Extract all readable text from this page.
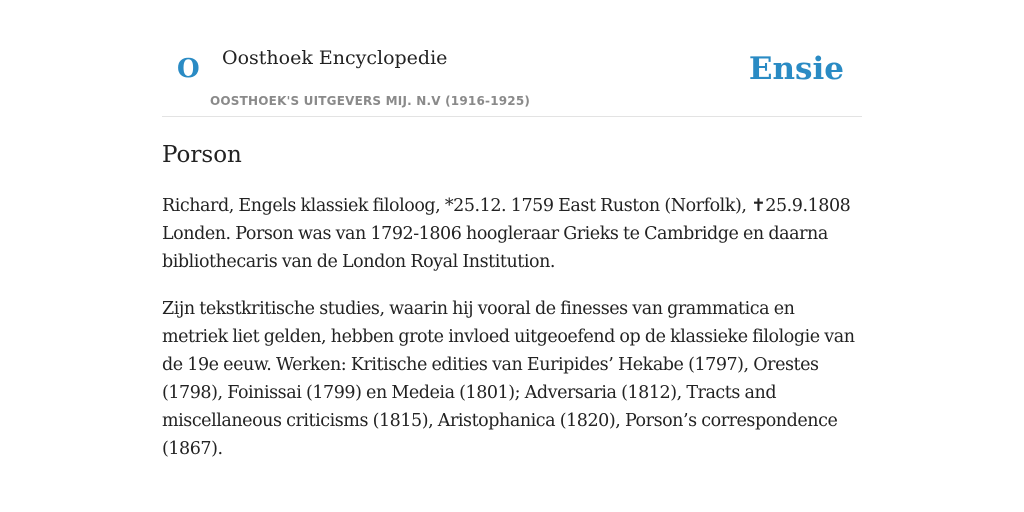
O Oosthoek Encyclopedie
OOSTHOEK'S UITGEVERS MIJ. N.V (1916-1925)
Ensie
Porson

Richard, Engels klassiek filoloog, *25.12. 1759 East Ruston (Norfolk), ✝25.9.1808 Londen. Porson was van 1792-1806 hoogleraar Grieks te Cambridge en daarna bibliothecaris van de London Royal Institution.

Zijn tekstkritische studies, waarin hij vooral de finesses van grammatica en metriek liet gelden, hebben grote invloed uitgeoefend op de klassieke filologie van de 19e eeuw. Werken: Kritische edities van Euripides’ Hekabe (1797), Orestes (1798), Foinissai (1799) en Medeia (1801); Adversaria (1812), Tracts and miscellaneous criticisms (1815), Aristophanica (1820), Porson’s correspondence (1867).
